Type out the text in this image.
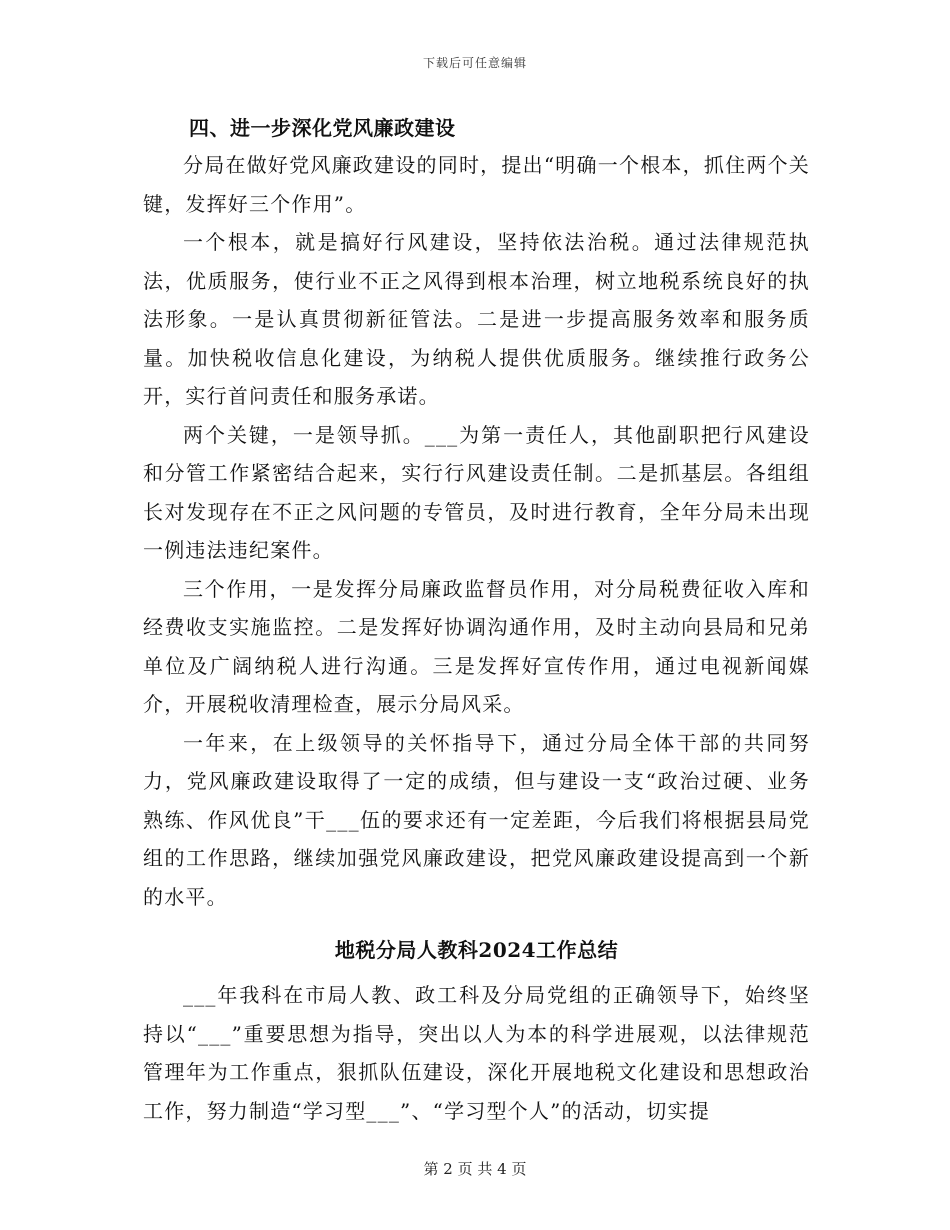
下载后可任意编辑
四、进一步深化党风廉政建设

分局在做好党风廉政建设的同时，提出“明确一个根本，抓住两个关键，发挥好三个作用”。

一个根本，就是搞好行风建设，坚持依法治税。通过法律规范执法，优质服务，使行业不正之风得到根本治理，树立地税系统良好的执法形象。一是认真贯彻新征管法。二是进一步提高服务效率和服务质量。加快税收信息化建设，为纳税人提供优质服务。继续推行政务公开，实行首问责任和服务承诺。

两个关键，一是领导抓。___为第一责任人，其他副职把行风建设和分管工作紧密结合起来，实行行风建设责任制。二是抓基层。各组组长对发现存在不正之风问题的专管员，及时进行教育，全年分局未出现一例违法违纪案件。

三个作用，一是发挥分局廉政监督员作用，对分局税费征收入库和经费收支实施监控。二是发挥好协调沟通作用，及时主动向县局和兄弟单位及广阔纳税人进行沟通。三是发挥好宣传作用，通过电视新闻媒介，开展税收清理检查，展示分局风采。

一年来，在上级领导的关怀指导下，通过分局全体干部的共同努力，党风廉政建设取得了一定的成绩，但与建设一支“政治过硬、业务熟练、作风优良”干___伍的要求还有一定差距，今后我们将根据县局党组的工作思路，继续加强党风廉政建设，把党风廉政建设提高到一个新的水平。

地税分局人教科2024工作总结

___年我科在市局人教、政工科及分局党组的正确领导下，始终坚持以“___”重要思想为指导，突出以人为本的科学进展观，以法律规范管理年为工作重点，狠抓队伍建设，深化开展地税文化建设和思想政治工作，努力制造“学习型___”、“学习型个人”的活动，切实提

第 2 页 共 4 页
